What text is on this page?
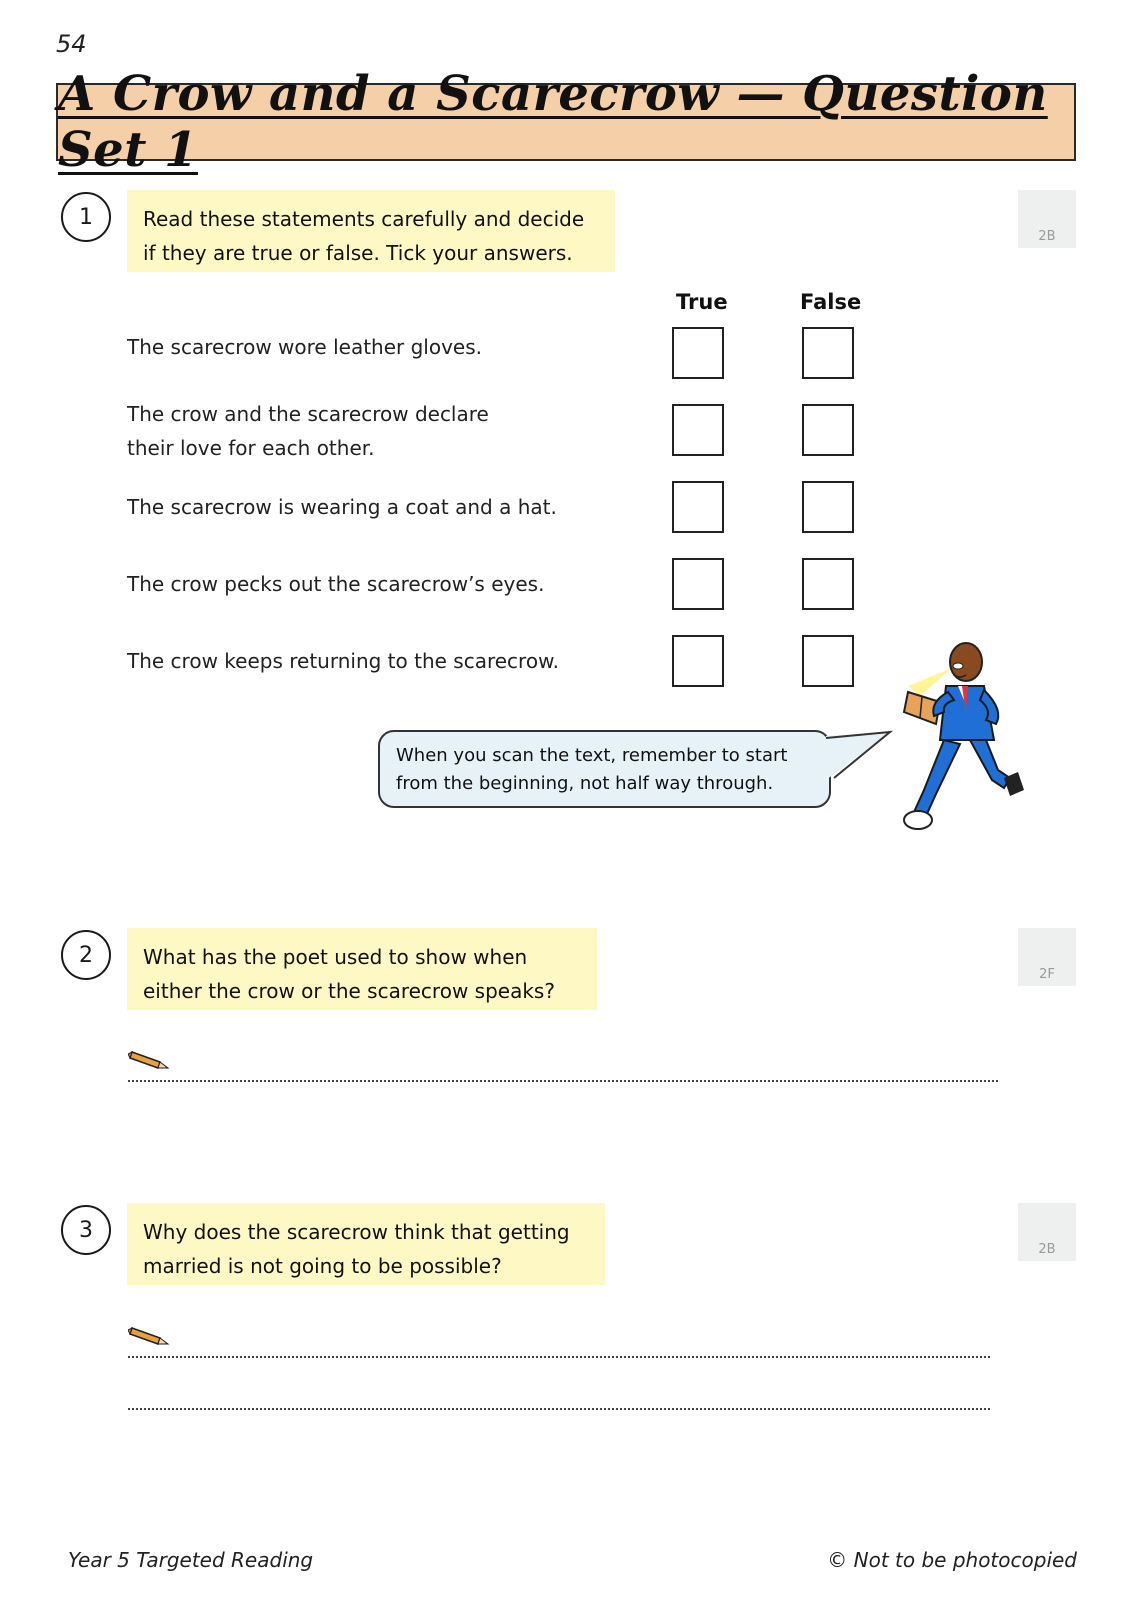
54
A Crow and a Scarecrow — Question Set 1
1	Read these statements carefully and decide
if they are true or false. Tick your answers.
2B
True	False
The scarecrow wore leather gloves.
The crow and the scarecrow declare
their love for each other.
The scarecrow is wearing a coat and a hat.
The crow pecks out the scarecrow’s eyes.
The crow keeps returning to the scarecrow.
When you scan the text, remember to start
from the beginning, not half way through.
2	What has the poet used to show when
either the crow or the scarecrow speaks?
2F
3	Why does the scarecrow think that getting
married is not going to be possible?
2B
Year 5 Targeted Reading	© Not to be photocopied
